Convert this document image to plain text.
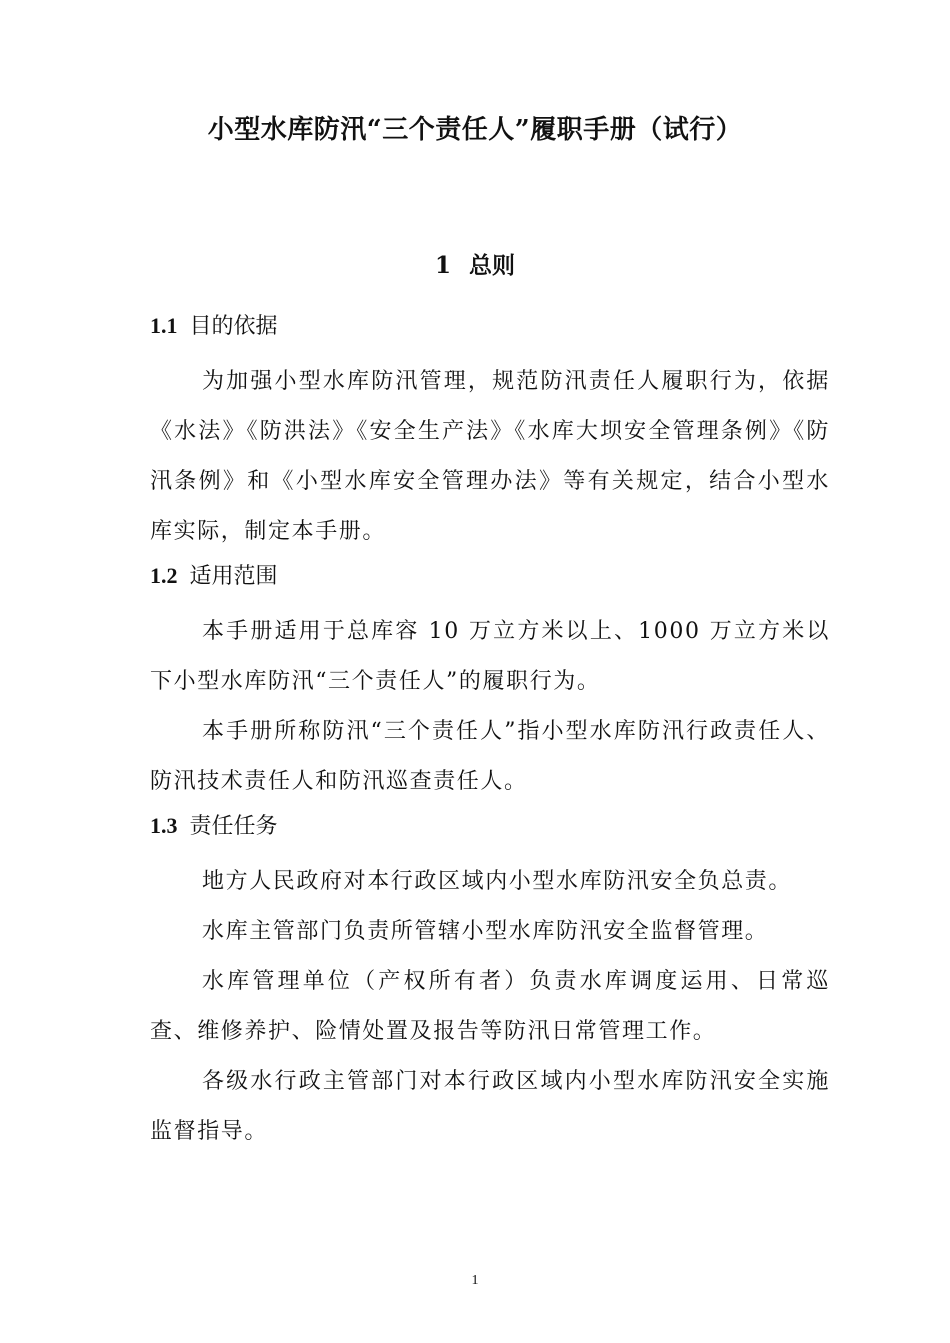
小型水库防汛“三个责任人”履职手册（试行）
1 总则
1.1 目的依据

为加强小型水库防汛管理，规范防汛责任人履职行为，依据《水法》《防洪法》《安全生产法》《水库大坝安全管理条例》《防汛条例》和《小型水库安全管理办法》等有关规定，结合小型水库实际，制定本手册。

1.2 适用范围

本手册适用于总库容 10 万立方米以上、1000 万立方米以下小型水库防汛“三个责任人”的履职行为。

本手册所称防汛“三个责任人”指小型水库防汛行政责任人、防汛技术责任人和防汛巡查责任人。

1.3 责任任务

地方人民政府对本行政区域内小型水库防汛安全负总责。

水库主管部门负责所管辖小型水库防汛安全监督管理。

水库管理单位（产权所有者）负责水库调度运用、日常巡查、维修养护、险情处置及报告等防汛日常管理工作。

各级水行政主管部门对本行政区域内小型水库防汛安全实施监督指导。

1
